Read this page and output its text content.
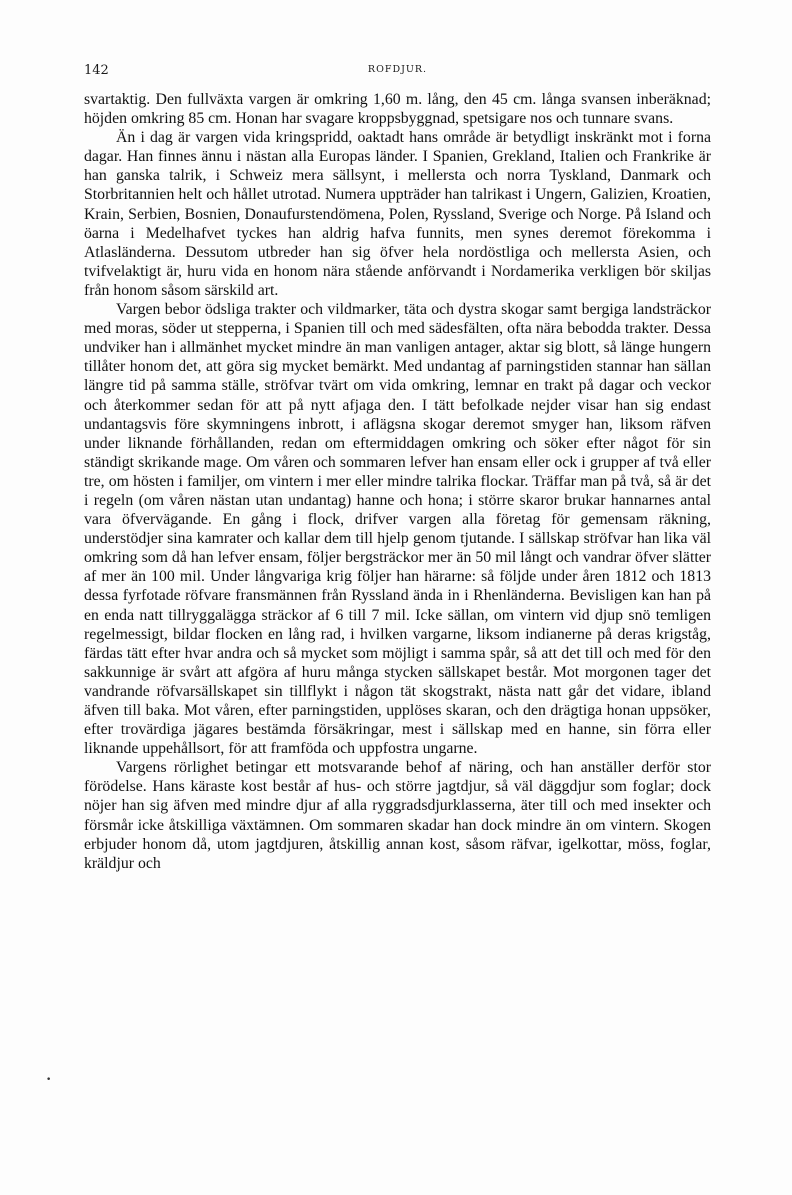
142	ROFDJUR.

svartaktig. Den fullväxta vargen är omkring 1,60 m. lång, den 45 cm. långa svansen inberäknad; höjden omkring 85 cm. Honan har svagare kroppsbyggnad, spetsigare nos och tunnare svans.

Än i dag är vargen vida kringspridd, oaktadt hans område är betydligt inskränkt mot i forna dagar. Han finnes ännu i nästan alla Europas länder. I Spanien, Grekland, Italien och Frankrike är han ganska talrik, i Schweiz mera sällsynt, i mellersta och norra Tyskland, Danmark och Storbritannien helt och hållet utrotad. Numera uppträder han talrikast i Ungern, Galizien, Kroatien, Krain, Serbien, Bosnien, Donaufurstendömena, Polen, Ryssland, Sverige och Norge. På Island och öarna i Medelhafvet tyckes han aldrig hafva funnits, men synes deremot förekomma i Atlasländerna. Dessutom utbreder han sig öfver hela nordöstliga och mellersta Asien, och tvifvelaktigt är, huru vida en honom nära stående anförvandt i Nordamerika verkligen bör skiljas från honom såsom särskild art.

Vargen bebor ödsliga trakter och vildmarker, täta och dystra skogar samt bergiga landsträckor med moras, söder ut stepperna, i Spanien till och med sädesfälten, ofta nära bebodda trakter. Dessa undviker han i allmänhet mycket mindre än man vanligen antager, aktar sig blott, så länge hungern tillåter honom det, att göra sig mycket bemärkt. Med undantag af parningstiden stannar han sällan längre tid på samma ställe, ströfvar tvärt om vida omkring, lemnar en trakt på dagar och veckor och återkommer sedan för att på nytt afjaga den. I tätt befolkade nejder visar han sig endast undantagsvis före skymningens inbrott, i aflägsna skogar deremot smyger han, liksom räfven under liknande förhållanden, redan om eftermiddagen omkring och söker efter något för sin ständigt skrikande mage. Om våren och sommaren lefver han ensam eller ock i grupper af två eller tre, om hösten i familjer, om vintern i mer eller mindre talrika flockar. Träffar man på två, så är det i regeln (om våren nästan utan undantag) hanne och hona; i större skaror brukar hannarnes antal vara öfvervägande. En gång i flock, drifver vargen alla företag för gemensam räkning, understödjer sina kamrater och kallar dem till hjelp genom tjutande. I sällskap ströfvar han lika väl omkring som då han lefver ensam, följer bergsträckor mer än 50 mil långt och vandrar öfver slätter af mer än 100 mil. Under långvariga krig följer han härarne: så följde under åren 1812 och 1813 dessa fyrfotade röfvare fransmännen från Ryssland ända in i Rhenländerna. Bevisligen kan han på en enda natt tillryggalägga sträckor af 6 till 7 mil. Icke sällan, om vintern vid djup snö temligen regelmessigt, bildar flocken en lång rad, i hvilken vargarne, liksom indianerne på deras krigståg, färdas tätt efter hvar andra och så mycket som möjligt i samma spår, så att det till och med för den sakkunnige är svårt att afgöra af huru många stycken sällskapet består. Mot morgonen tager det vandrande röfvarsällskapet sin tillflykt i någon tät skogstrakt, nästa natt går det vidare, ibland äfven till baka. Mot våren, efter parningstiden, upplöses skaran, och den drägtiga honan uppsöker, efter trovärdiga jägares bestämda försäkringar, mest i sällskap med en hanne, sin förra eller liknande uppehållsort, för att framföda och uppfostra ungarne.

Vargens rörlighet betingar ett motsvarande behof af näring, och han anställer derför stor förödelse. Hans käraste kost består af hus- och större jagtdjur, så väl däggdjur som foglar; dock nöjer han sig äfven med mindre djur af alla ryggradsdjurklasserna, äter till och med insekter och försmår icke åtskilliga växtämnen. Om sommaren skadar han dock mindre än om vintern. Skogen erbjuder honom då, utom jagtdjuren, åtskillig annan kost, såsom räfvar, igelkottar, möss, foglar, kräldjur och

•
